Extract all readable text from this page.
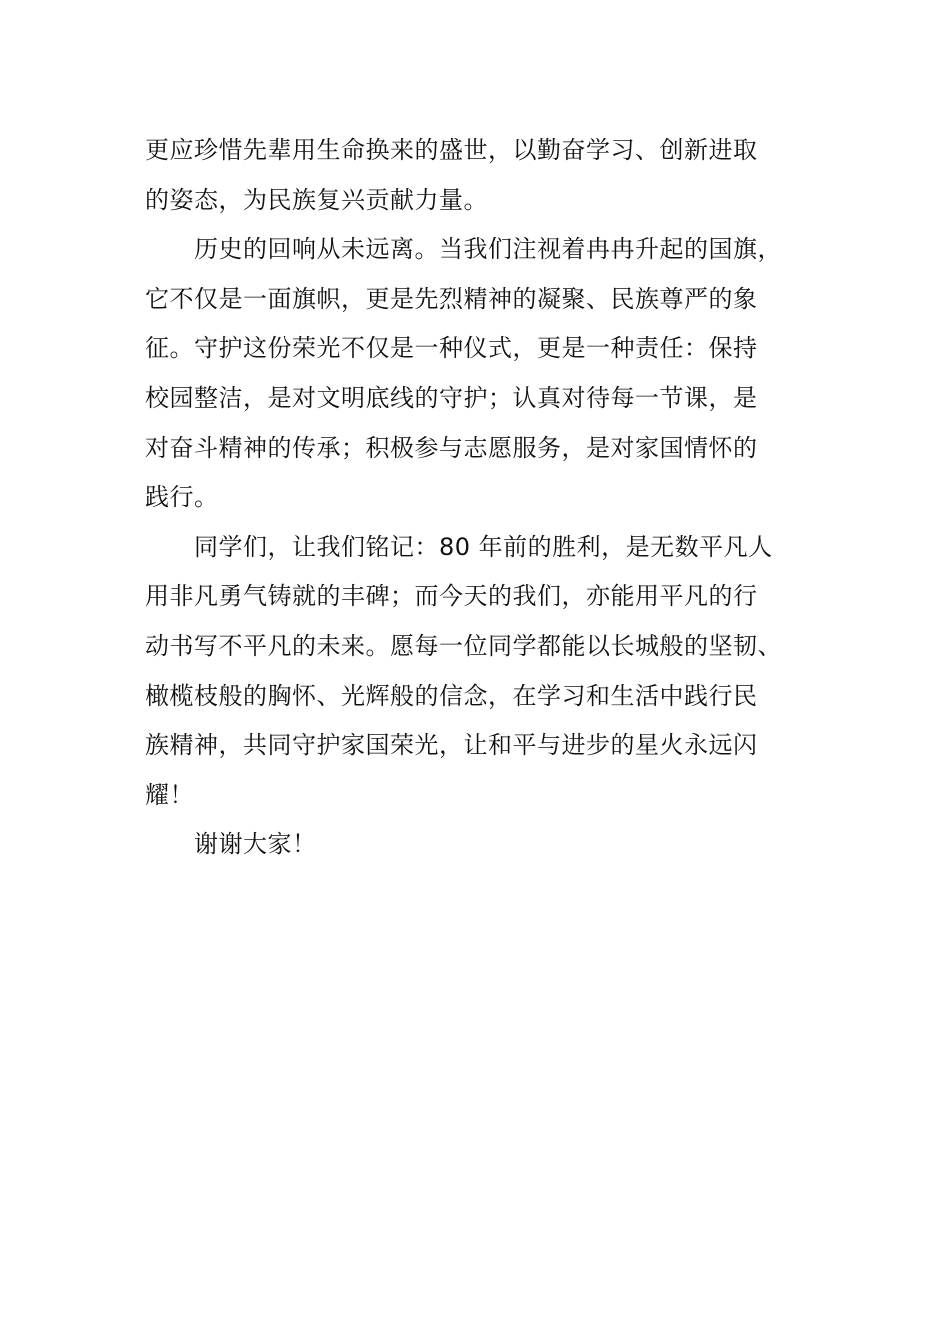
更应珍惜先辈用生命换来的盛世，以勤奋学习、创新进取
的姿态，为民族复兴贡献力量。
历史的回响从未远离。当我们注视着冉冉升起的国旗，
它不仅是一面旗帜，更是先烈精神的凝聚、民族尊严的象
征。守护这份荣光不仅是一种仪式，更是一种责任：保持
校园整洁，是对文明底线的守护；认真对待每一节课，是
对奋斗精神的传承；积极参与志愿服务，是对家国情怀的
践行。
同学们，让我们铭记：80 年前的胜利，是无数平凡人
用非凡勇气铸就的丰碑；而今天的我们，亦能用平凡的行
动书写不平凡的未来。愿每一位同学都能以长城般的坚韧、
橄榄枝般的胸怀、光辉般的信念，在学习和生活中践行民
族精神，共同守护家国荣光，让和平与进步的星火永远闪
耀！
谢谢大家！
